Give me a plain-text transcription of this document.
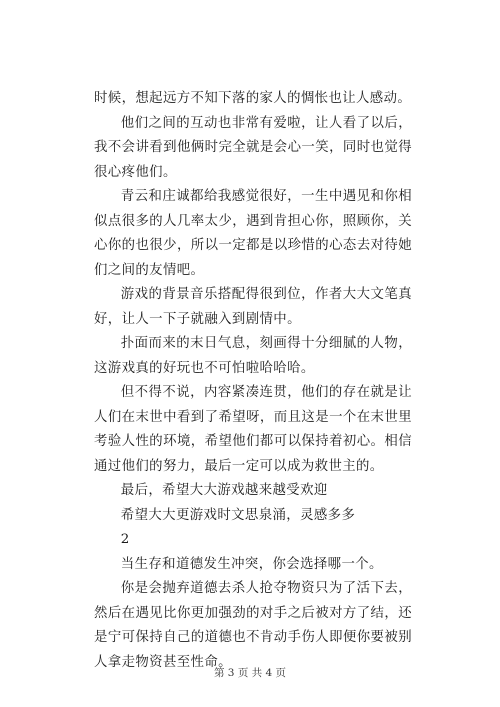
时候，想起远方不知下落的家人的惆怅也让人感动。

他们之间的互动也非常有爱啦，让人看了以后，我不会讲看到他俩时完全就是会心一笑，同时也觉得很心疼他们。

青云和庄诚都给我感觉很好，一生中遇见和你相似点很多的人几率太少，遇到肯担心你，照顾你，关心你的也很少，所以一定都是以珍惜的心态去对待她们之间的友情吧。

游戏的背景音乐搭配得很到位，作者大大文笔真好，让人一下子就融入到剧情中。

扑面而来的末日气息，刻画得十分细腻的人物，这游戏真的好玩也不可怕啦哈哈哈。

但不得不说，内容紧凑连贯，他们的存在就是让人们在末世中看到了希望呀，而且这是一个在末世里考验人性的环境，希望他们都可以保持着初心。相信通过他们的努力，最后一定可以成为救世主的。

最后，希望大大游戏越来越受欢迎

希望大大更游戏时文思泉涌，灵感多多

2

当生存和道德发生冲突，你会选择哪一个。

你是会抛弃道德去杀人抢夺物资只为了活下去，然后在遇见比你更加强劲的对手之后被对方了结，还是宁可保持自己的道德也不肯动手伤人即便你要被别人拿走物资甚至性命。

第 3 页 共 4 页
